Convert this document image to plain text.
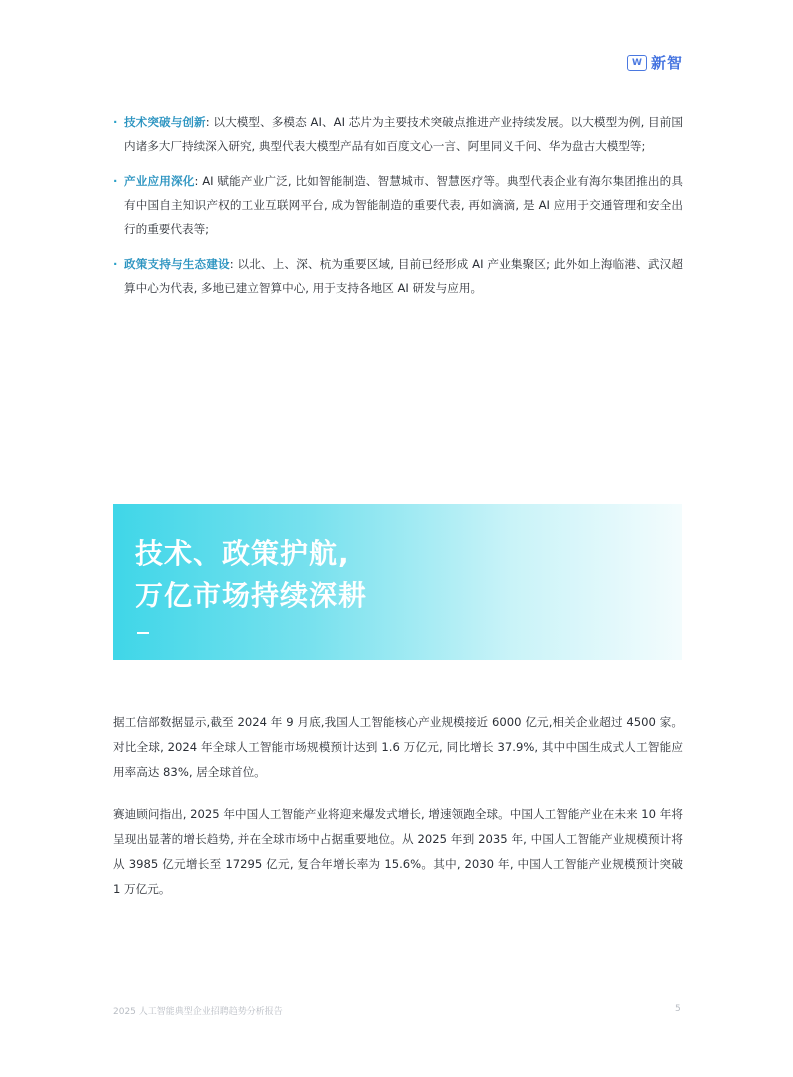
W 新智
· 技术突破与创新: 以大模型、多模态 AI、AI 芯片为主要技术突破点推进产业持续发展。以大模型为例, 目前国内诸多大厂持续深入研究, 典型代表大模型产品有如百度文心一言、阿里同义千问、华为盘古大模型等;
· 产业应用深化: AI 赋能产业广泛, 比如智能制造、智慧城市、智慧医疗等。典型代表企业有海尔集团推出的具有中国自主知识产权的工业互联网平台, 成为智能制造的重要代表, 再如滴滴, 是 AI 应用于交通管理和安全出行的重要代表等;
· 政策支持与生态建设: 以北、上、深、杭为重要区域, 目前已经形成 AI 产业集聚区; 此外如上海临港、武汉超算中心为代表, 多地已建立智算中心, 用于支持各地区 AI 研发与应用。
技术、政策护航,
万亿市场持续深耕
据工信部数据显示,截至 2024 年 9 月底,我国人工智能核心产业规模接近 6000 亿元,相关企业超过 4500 家。对比全球, 2024 年全球人工智能市场规模预计达到 1.6 万亿元, 同比增长 37.9%, 其中中国生成式人工智能应用率高达 83%, 居全球首位。
赛迪顾问指出, 2025 年中国人工智能产业将迎来爆发式增长, 增速领跑全球。中国人工智能产业在未来 10 年将呈现出显著的增长趋势, 并在全球市场中占据重要地位。从 2025 年到 2035 年, 中国人工智能产业规模预计将从 3985 亿元增长至 17295 亿元, 复合年增长率为 15.6%。其中, 2030 年, 中国人工智能产业规模预计突破 1 万亿元。
2025 人工智能典型企业招聘趋势分析报告	5
